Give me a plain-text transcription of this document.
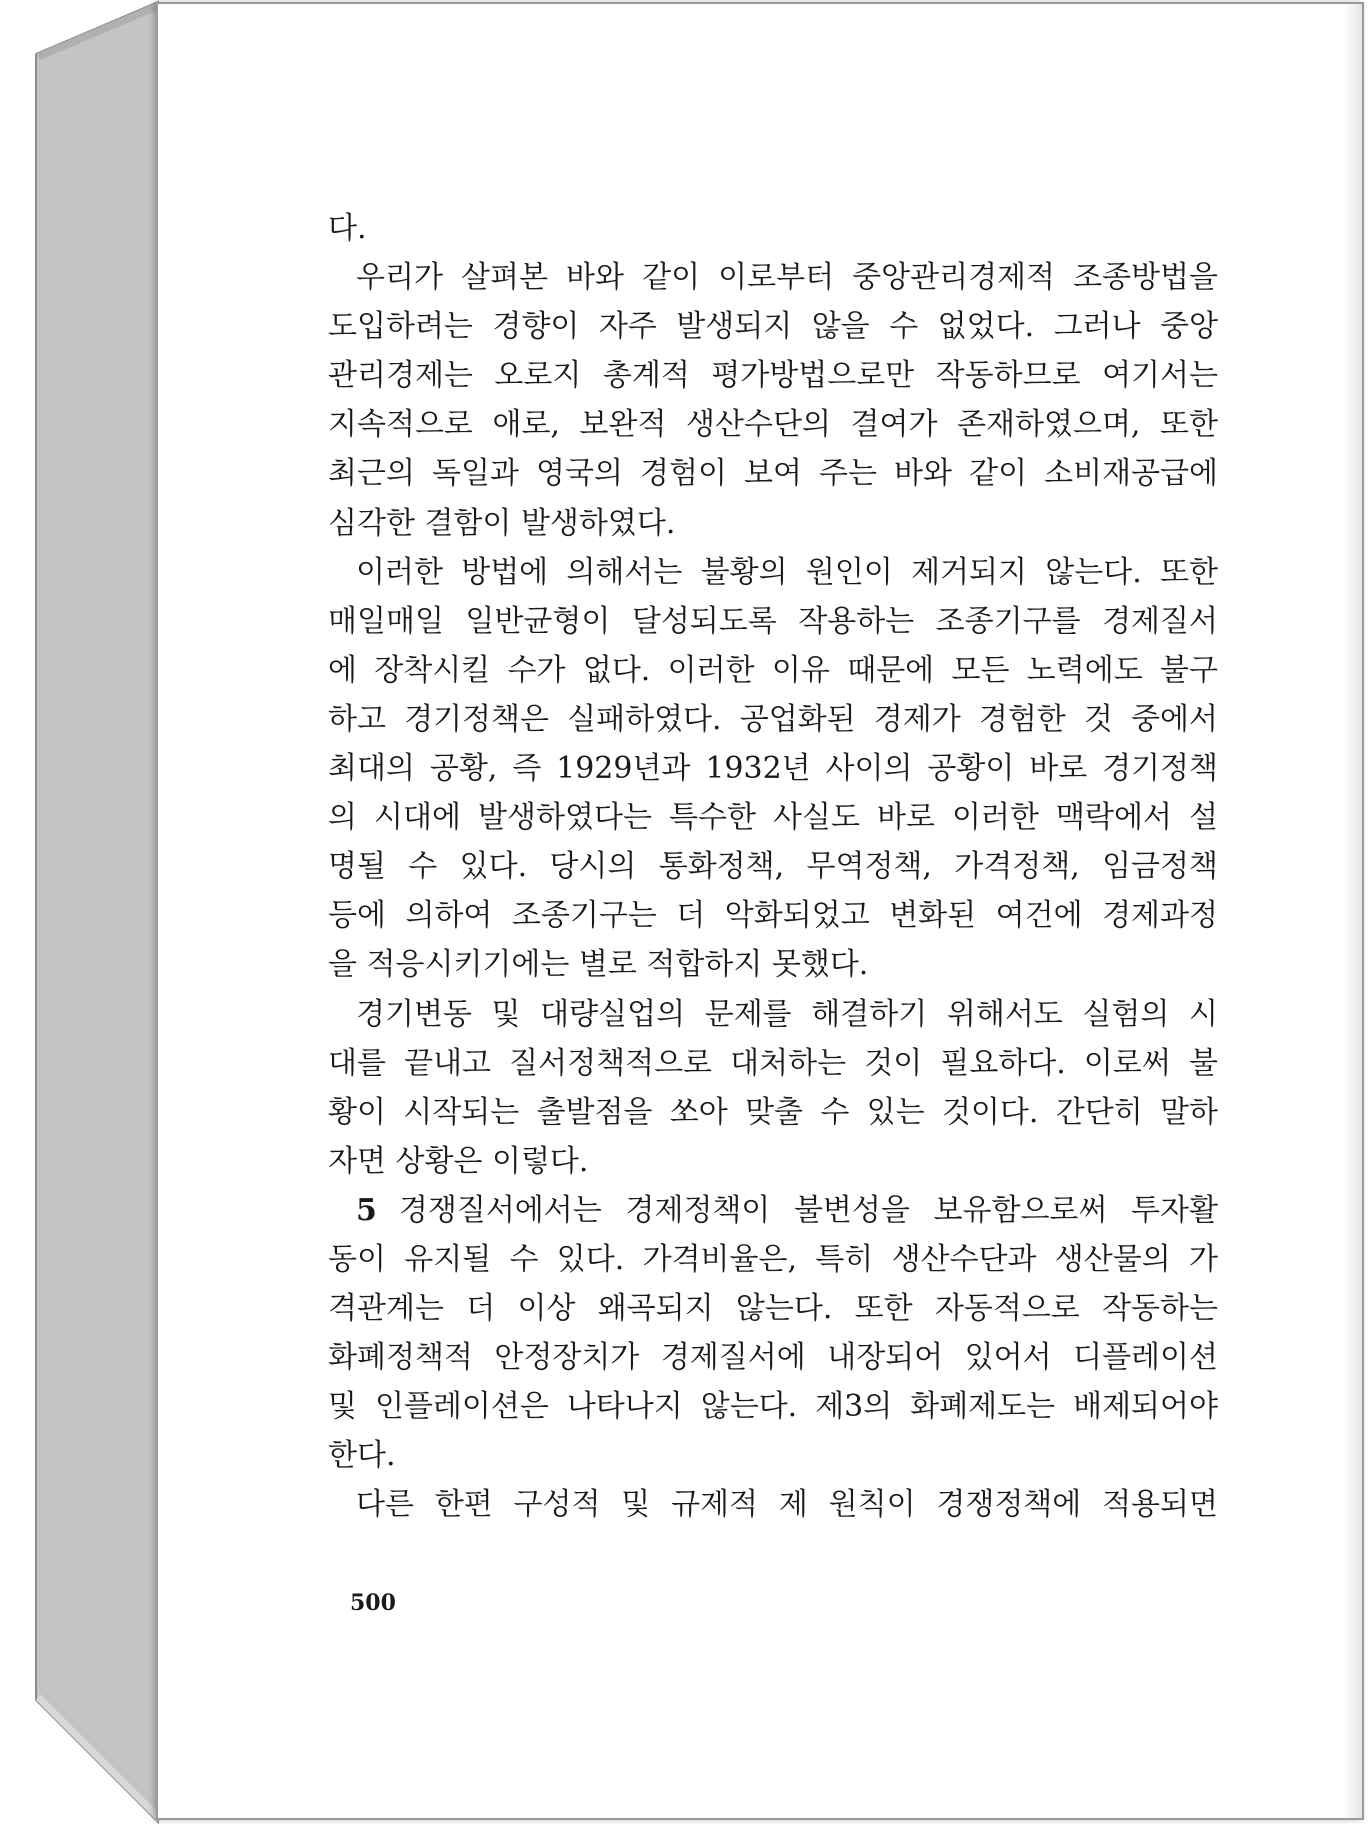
다.
우리가 살펴본 바와 같이 이로부터 중앙관리경제적 조종방법을
도입하려는 경향이 자주 발생되지 않을 수 없었다. 그러나 중앙
관리경제는 오로지 총계적 평가방법으로만 작동하므로 여기서는
지속적으로 애로, 보완적 생산수단의 결여가 존재하였으며, 또한
최근의 독일과 영국의 경험이 보여 주는 바와 같이 소비재공급에
심각한 결함이 발생하였다.
이러한 방법에 의해서는 불황의 원인이 제거되지 않는다. 또한
매일매일 일반균형이 달성되도록 작용하는 조종기구를 경제질서
에 장착시킬 수가 없다. 이러한 이유 때문에 모든 노력에도 불구
하고 경기정책은 실패하였다. 공업화된 경제가 경험한 것 중에서
최대의 공황, 즉 1929년과 1932년 사이의 공황이 바로 경기정책
의 시대에 발생하였다는 특수한 사실도 바로 이러한 맥락에서 설
명될 수 있다. 당시의 통화정책, 무역정책, 가격정책, 임금정책
등에 의하여 조종기구는 더 악화되었고 변화된 여건에 경제과정
을 적응시키기에는 별로 적합하지 못했다.
경기변동 및 대량실업의 문제를 해결하기 위해서도 실험의 시
대를 끝내고 질서정책적으로 대처하는 것이 필요하다. 이로써 불
황이 시작되는 출발점을 쏘아 맞출 수 있는 것이다. 간단히 말하
자면 상황은 이렇다.
5 경쟁질서에서는 경제정책이 불변성을 보유함으로써 투자활
동이 유지될 수 있다. 가격비율은, 특히 생산수단과 생산물의 가
격관계는 더 이상 왜곡되지 않는다. 또한 자동적으로 작동하는
화폐정책적 안정장치가 경제질서에 내장되어 있어서 디플레이션
및 인플레이션은 나타나지 않는다. 제3의 화폐제도는 배제되어야
한다.
다른 한편 구성적 및 규제적 제 원칙이 경쟁정책에 적용되면
500
